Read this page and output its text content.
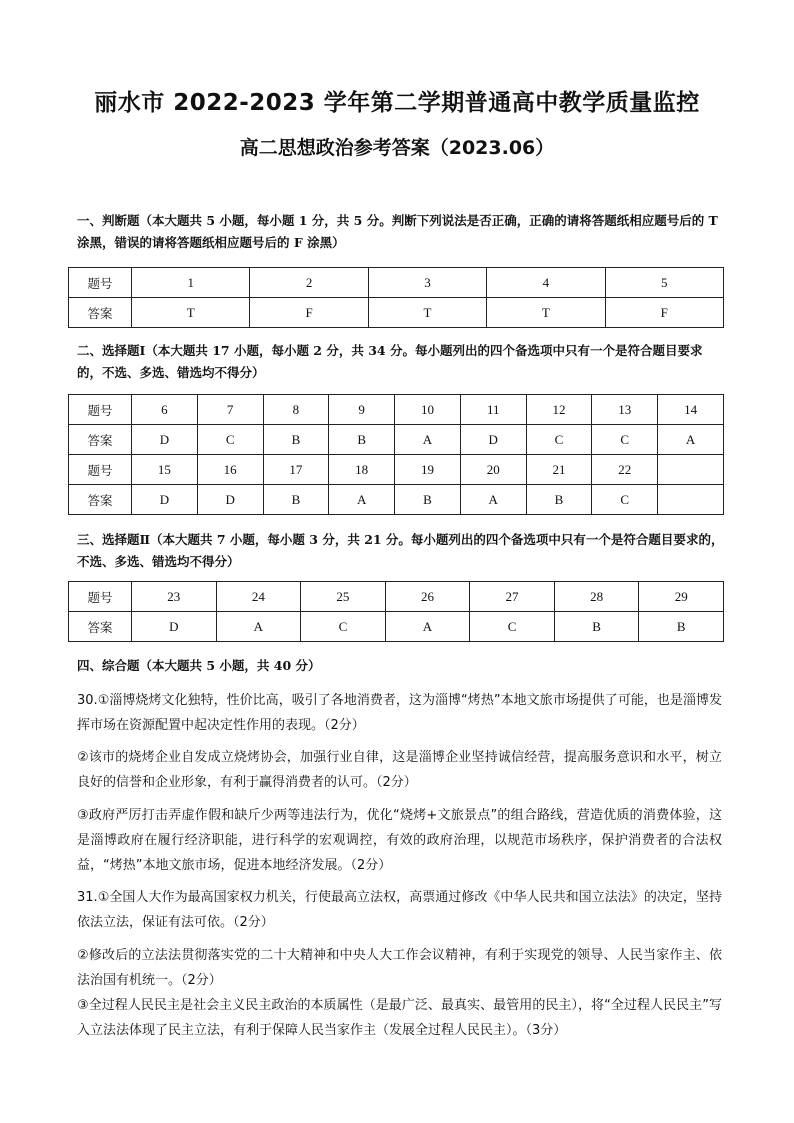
丽水市 2022-2023 学年第二学期普通高中教学质量监控
高二思想政治参考答案（2023.06）
一、判断题（本大题共 5 小题，每小题 1 分，共 5 分。判断下列说法是否正确，正确的请将答题纸相应题号后的 T 涂黑，错误的请将答题纸相应题号后的 F 涂黑）
题号	1	2	3	4	5
答案	T	F	T	T	F
二、选择题Ⅰ（本大题共 17 小题，每小题 2 分，共 34 分。每小题列出的四个备选项中只有一个是符合题目要求的，不选、多选、错选均不得分）
题号	6	7	8	9	10	11	12	13	14
答案	D	C	B	B	A	D	C	C	A
题号	15	16	17	18	19	20	21	22	
答案	D	D	B	A	B	A	B	C	
三、选择题Ⅱ（本大题共 7 小题，每小题 3 分，共 21 分。每小题列出的四个备选项中只有一个是符合题目要求的，不选、多选、错选均不得分）
题号	23	24	25	26	27	28	29
答案	D	A	C	A	C	B	B
四、综合题（本大题共 5 小题，共 40 分）
30.①淄博烧烤文化独特，性价比高，吸引了各地消费者，这为淄博“烤热”本地文旅市场提供了可能，也是淄博发挥市场在资源配置中起决定性作用的表现。（2分）
②该市的烧烤企业自发成立烧烤协会，加强行业自律，这是淄博企业坚持诚信经营，提高服务意识和水平，树立良好的信誉和企业形象，有利于赢得消费者的认可。（2分）
③政府严厉打击弄虚作假和缺斤少两等违法行为，优化“烧烤+文旅景点”的组合路线，营造优质的消费体验，这是淄博政府在履行经济职能，进行科学的宏观调控，有效的政府治理，以规范市场秩序，保护消费者的合法权益，“烤热”本地文旅市场，促进本地经济发展。（2分）
31.①全国人大作为最高国家权力机关，行使最高立法权，高票通过修改《中华人民共和国立法法》的决定，坚持依法立法，保证有法可依。（2分）
②修改后的立法法贯彻落实党的二十大精神和中央人大工作会议精神，有利于实现党的领导、人民当家作主、依法治国有机统一。（2分）
③全过程人民民主是社会主义民主政治的本质属性（是最广泛、最真实、最管用的民主），将“全过程人民民主”写入立法法体现了民主立法，有利于保障人民当家作主（发展全过程人民民主）。（3分）
